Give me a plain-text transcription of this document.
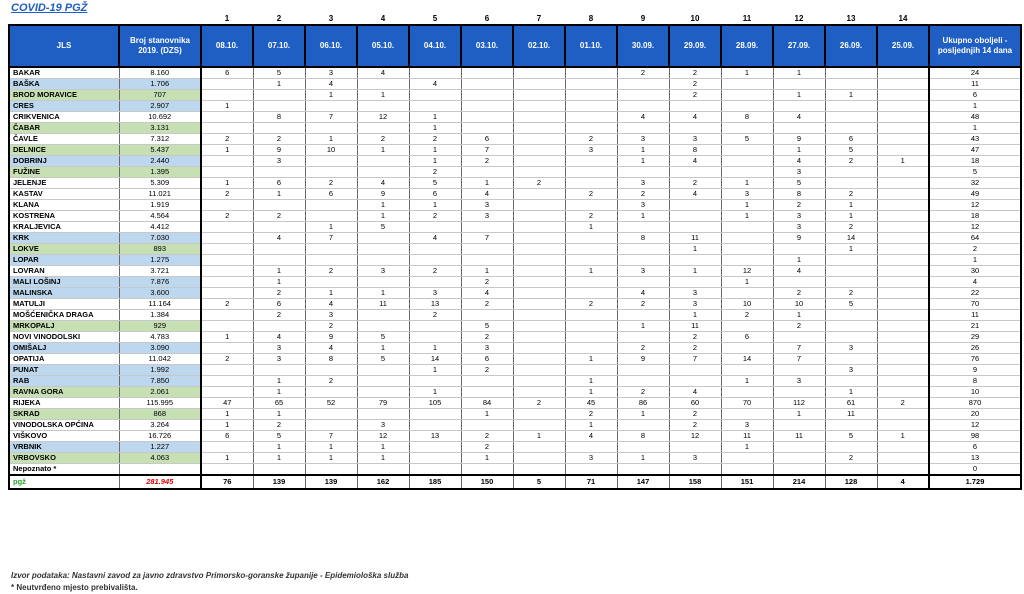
COVID-19 PGŽ
		1	2	3	4	5	6	7	8	9	10	11	12	13	14	
JLS	Broj stanovnika 2019. (DZS)	08.10.	07.10.	06.10.	05.10.	04.10.	03.10.	02.10.	01.10.	30.09.	29.09.	28.09.	27.09.	26.09.	25.09.	Ukupno oboljeli - posljednjih 14 dana
BAKAR	8.160	6	5	3	4					2	2	1	1			24
BAŠKA	1.706		1	4		4					2					11
BROD MORAVICE	707			1	1						2		1	1		6
CRES	2.907	1														1
CRIKVENICA	10.692		8	7	12	1				4	4	8	4			48
ČABAR	3.131					1										1
ČAVLE	7.312	2	2	1	2	2	6		2	3	3	5	9	6		43
DELNICE	5.437	1	9	10	1	1	7		3	1	8		1	5		47
DOBRINJ	2.440		3			1	2			1	4		4	2	1	18
FUŽINE	1.395					2							3			5
JELENJE	5.309	1	6	2	4	5	1	2		3	2	1	5			32
KASTAV	11.021	2	1	6	9	6	4		2	2	4	3	8	2		49
KLANA	1.919				1	1	3			3		1	2	1		12
KOSTRENA	4.564	2	2		1	2	3		2	1		1	3	1		18
KRALJEVICA	4.412			1	5				1				3	2		12
KRK	7.030		4	7		4	7			8	11		9	14		64
LOKVE	893										1			1		2
LOPAR	1.275												1			1
LOVRAN	3.721		1	2	3	2	1		1	3	1	12	4			30
MALI LOŠINJ	7.876		1				2					1				4
MALINSKA	3.600		2	1	1	3	4			4	3		2	2		22
MATULJI	11.164	2	6	4	11	13	2		2	2	3	10	10	5		70
MOŠĆENIČKA DRAGA	1.384		2	3		2					1	2	1			11
MRKOPALJ	929			2			5			1	11		2			21
NOVI VINODOLSKI	4.783	1	4	9	5		2				2	6				29
OMIŠALJ	3.090		3	4	1	1	3			2	2		7	3		26
OPATIJA	11.042	2	3	8	5	14	6		1	9	7	14	7			76
PUNAT	1.992					1	2							3		9
RAB	7.850		1	2					1			1	3			8
RAVNA GORA	2.061		1			1			1	2	4			1		10
RIJEKA	115.995	47	65	52	79	105	84	2	45	86	60	70	112	61	2	870
SKRAD	868	1	1				1		2	1	2		1	11		20
VINODOLSKA OPĆINA	3.264	1	2		3				1		2	3				12
VIŠKOVO	16.726	6	5	7	12	13	2	1	4	8	12	11	11	5	1	98
VRBNIK	1.227		1	1	1		2					1				6
VRBOVSKO	4.063	1	1	1	1		1		3	1	3			2		13
Nepoznato *																0
pgž	281.945	76	139	139	162	185	150	5	71	147	158	151	214	128	4	1.729
Izvor podataka: Nastavni zavod za javno zdravstvo Primorsko-goranske županije - Epidemiološka služba
* Neutvrđeno mjesto prebivališta.
